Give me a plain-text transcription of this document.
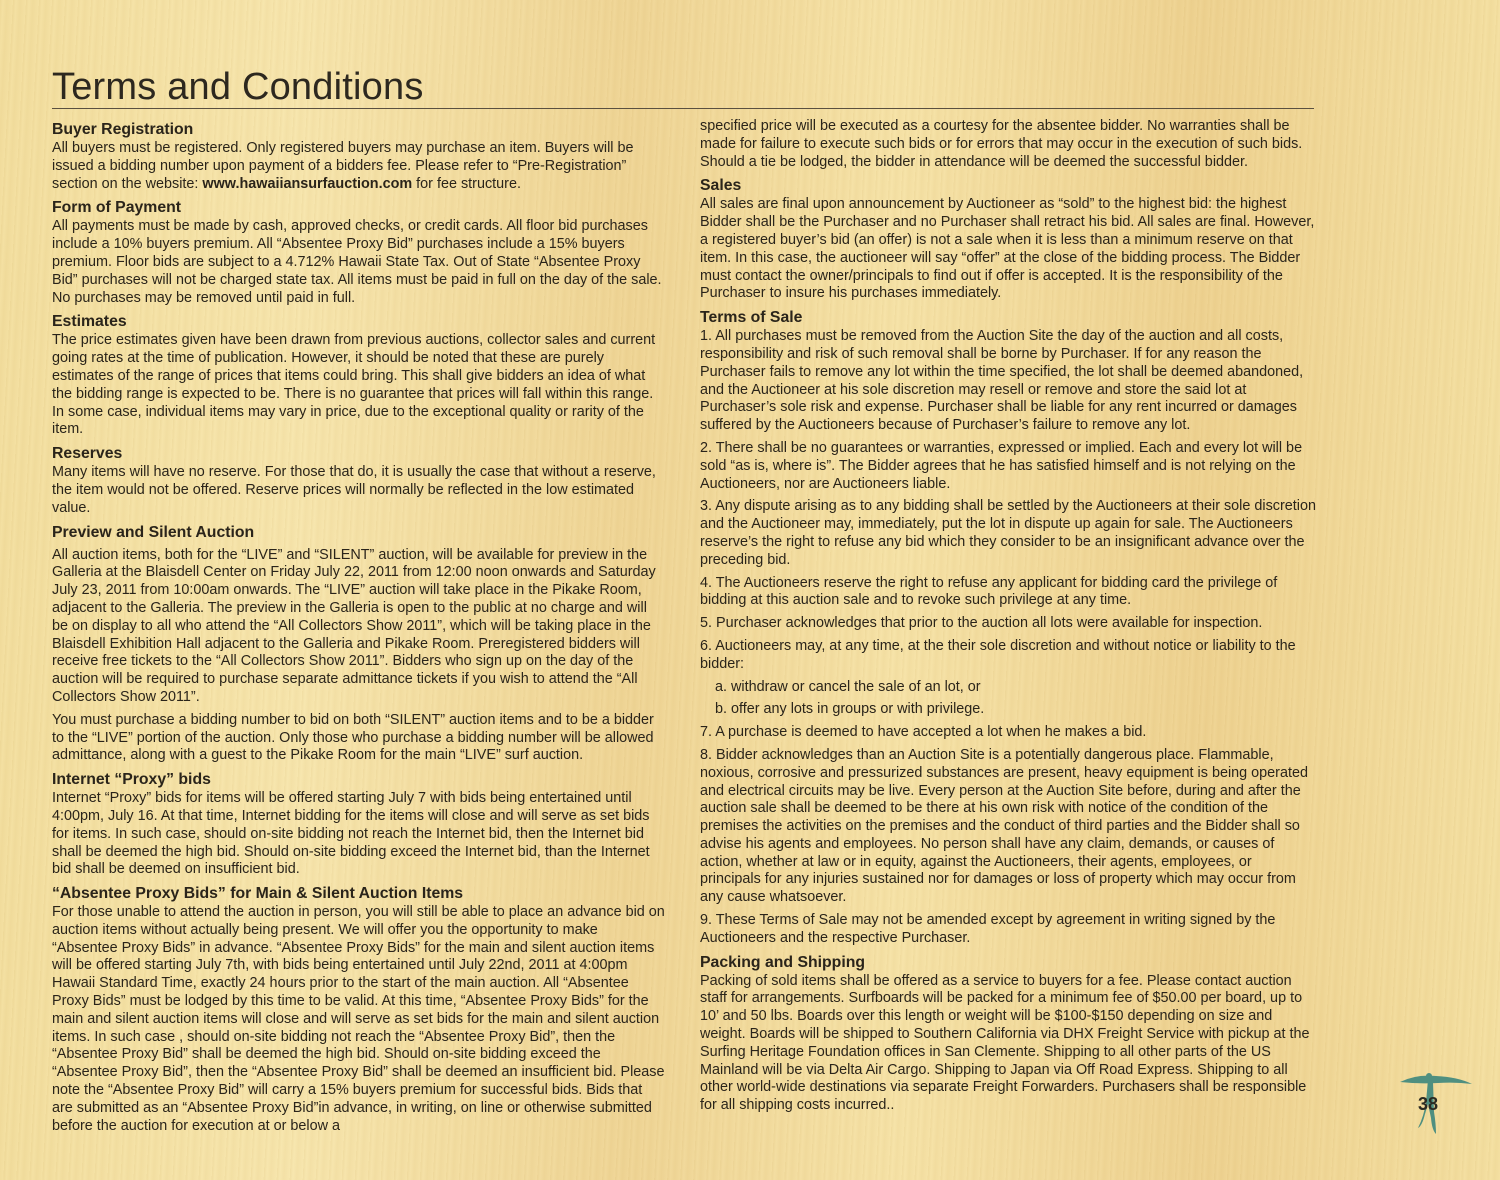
Terms and Conditions
Buyer Registration

All buyers must be registered. Only registered buyers may purchase an item. Buyers will be issued a bidding number upon payment of a bidders fee. Please refer to “Pre-Registration” section on the website: www.hawaiiansurfauction.com for fee structure.

Form of Payment

All payments must be made by cash, approved checks, or credit cards. All floor bid purchases include a 10% buyers premium. All “Absentee Proxy Bid” purchases include a 15% buyers premium. Floor bids are subject to a 4.712% Hawaii State Tax. Out of State “Absentee Proxy Bid” purchases will not be charged state tax. All items must be paid in full on the day of the sale. No purchases may be removed until paid in full.

Estimates

The price estimates given have been drawn from previous auctions, collector sales and current going rates at the time of publication. However, it should be noted that these are purely estimates of the range of prices that items could bring. This shall give bidders an idea of what the bidding range is expected to be. There is no guarantee that prices will fall within this range. In some case, individual items may vary in price, due to the exceptional quality or rarity of the item.

Reserves

Many items will have no reserve. For those that do, it is usually the case that without a reserve, the item would not be offered. Reserve prices will normally be reflected in the low estimated value.

Preview and Silent Auction

All auction items, both for the “LIVE” and “SILENT” auction, will be available for preview in the Galleria at the Blaisdell Center on Friday July 22, 2011 from 12:00 noon onwards and Saturday July 23, 2011 from 10:00am onwards. The “LIVE” auction will take place in the Pikake Room, adjacent to the Galleria. The preview in the Galleria is open to the public at no charge and will be on display to all who attend the “All Collectors Show 2011”, which will be taking place in the Blaisdell Exhibition Hall adjacent to the Galleria and Pikake Room. Preregistered bidders will receive free tickets to the “All Collectors Show 2011”. Bidders who sign up on the day of the auction will be required to purchase separate admittance tickets if you wish to attend the “All Collectors Show 2011”.

You must purchase a bidding number to bid on both “SILENT” auction items and to be a bidder to the “LIVE” portion of the auction. Only those who purchase a bidding number will be allowed admittance, along with a guest to the Pikake Room for the main “LIVE” surf auction.

Internet “Proxy” bids

Internet “Proxy” bids for items will be offered starting July 7 with bids being entertained until 4:00pm, July 16. At that time, Internet bidding for the items will close and will serve as set bids for items. In such case, should on-site bidding not reach the Internet bid, then the Internet bid shall be deemed the high bid. Should on-site bidding exceed the Internet bid, than the Internet bid shall be deemed on insufficient bid.

“Absentee Proxy Bids” for Main & Silent Auction Items

For those unable to attend the auction in person, you will still be able to place an advance bid on auction items without actually being present. We will offer you the opportunity to make “Absentee Proxy Bids” in advance. “Absentee Proxy Bids” for the main and silent auction items will be offered starting July 7th, with bids being entertained until July 22nd, 2011 at 4:00pm Hawaii Standard Time, exactly 24 hours prior to the start of the main auction. All “Absentee Proxy Bids” must be lodged by this time to be valid. At this time, “Absentee Proxy Bids” for the main and silent auction items will close and will serve as set bids for the main and silent auction items. In such case , should on-site bidding not reach the “Absentee Proxy Bid”, then the “Absentee Proxy Bid” shall be deemed the high bid. Should on-site bidding exceed the “Absentee Proxy Bid”, then the “Absentee Proxy Bid” shall be deemed an insufficient bid. Please note the “Absentee Proxy Bid” will carry a 15% buyers premium for successful bids. Bids that are submitted as an “Absentee Proxy Bid”in advance, in writing, on line or otherwise submitted before the auction for execution at or below a

specified price will be executed as a courtesy for the absentee bidder. No warranties shall be made for failure to execute such bids or for errors that may occur in the execution of such bids. Should a tie be lodged, the bidder in attendance will be deemed the successful bidder.

Sales

All sales are final upon announcement by Auctioneer as “sold” to the highest bid: the highest Bidder shall be the Purchaser and no Purchaser shall retract his bid. All sales are final. However, a registered buyer’s bid (an offer) is not a sale when it is less than a minimum reserve on that item. In this case, the auctioneer will say “offer” at the close of the bidding process. The Bidder must contact the owner/principals to find out if offer is accepted. It is the responsibility of the Purchaser to insure his purchases immediately.

Terms of Sale

1. All purchases must be removed from the Auction Site the day of the auction and all costs, responsibility and risk of such removal shall be borne by Purchaser. If for any reason the Purchaser fails to remove any lot within the time specified, the lot shall be deemed abandoned, and the Auctioneer at his sole discretion may resell or remove and store the said lot at Purchaser’s sole risk and expense. Purchaser shall be liable for any rent incurred or damages suffered by the Auctioneers because of Purchaser’s failure to remove any lot.

2. There shall be no guarantees or warranties, expressed or implied. Each and every lot will be sold “as is, where is”. The Bidder agrees that he has satisfied himself and is not relying on the Auctioneers, nor are Auctioneers liable.

3. Any dispute arising as to any bidding shall be settled by the Auctioneers at their sole discretion and the Auctioneer may, immediately, put the lot in dispute up again for sale. The Auctioneers reserve’s the right to refuse any bid which they consider to be an insignificant advance over the preceding bid.

4. The Auctioneers reserve the right to refuse any applicant for bidding card the privilege of bidding at this auction sale and to revoke such privilege at any time.

5. Purchaser acknowledges that prior to the auction all lots were available for inspection.

6. Auctioneers may, at any time, at the their sole discretion and without notice or liability to the bidder:

a. withdraw or cancel the sale of an lot, or

b. offer any lots in groups or with privilege.

7. A purchase is deemed to have accepted a lot when he makes a bid.

8. Bidder acknowledges than an Auction Site is a potentially dangerous place. Flammable, noxious, corrosive and pressurized substances are present, heavy equipment is being operated and electrical circuits may be live. Every person at the Auction Site before, during and after the auction sale shall be deemed to be there at his own risk with notice of the condition of the premises the activities on the premises and the conduct of third parties and the Bidder shall so advise his agents and employees. No person shall have any claim, demands, or causes of action, whether at law or in equity, against the Auctioneers, their agents, employees, or principals for any injuries sustained nor for damages or loss of property which may occur from any cause whatsoever.

9. These Terms of Sale may not be amended except by agreement in writing signed by the Auctioneers and the respective Purchaser.

Packing and Shipping

Packing of sold items shall be offered as a service to buyers for a fee. Please contact auction staff for arrangements. Surfboards will be packed for a minimum fee of $50.00 per board, up to 10’ and 50 lbs. Boards over this length or weight will be $100-$150 depending on size and weight. Boards will be shipped to Southern California via DHX Freight Service with pickup at the Surfing Heritage Foundation offices in San Clemente. Shipping to all other parts of the US Mainland will be via Delta Air Cargo. Shipping to Japan via Off Road Express. Shipping to all other world-wide destinations via separate Freight Forwarders. Purchasers shall be responsible for all shipping costs incurred..	38
